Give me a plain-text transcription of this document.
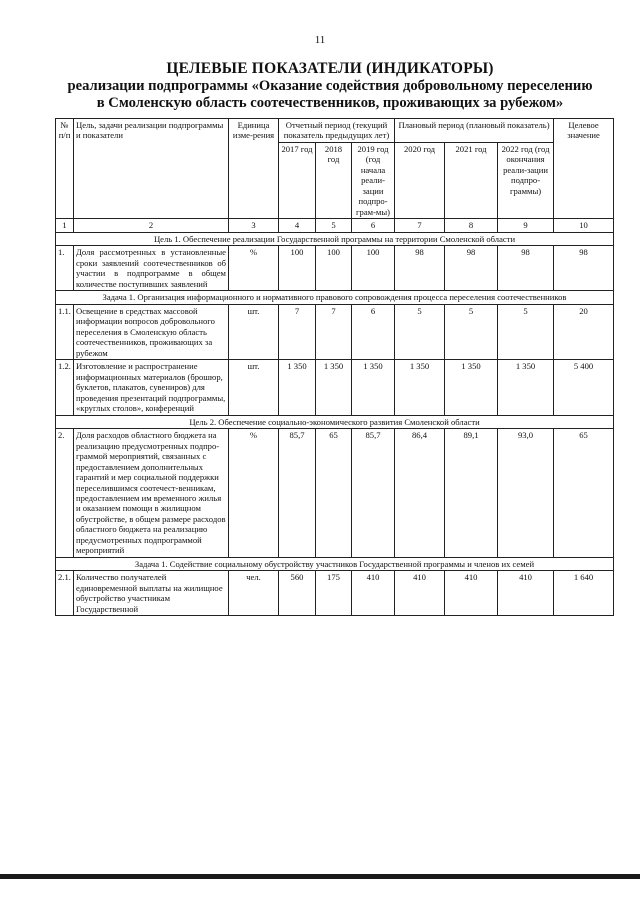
11
ЦЕЛЕВЫЕ ПОКАЗАТЕЛИ (ИНДИКАТОРЫ)
реализации подпрограммы «Оказание содействия добровольному переселению
в Смоленскую область соотечественников, проживающих за рубежом»
№ п/п	Цель, задачи реализации подпрограммы и показатели	Единица изме-рения	Отчетный период (текущий показатель предыдущих лет)			Плановый период (плановый показатель)			Целевое значение
			2017 год	2018 год	2019 год (год начала реали-зации подпро-грам-мы)	2020 год	2021 год	2022 год (год окончания реали-зации подпро-граммы)	
1	2	3	4	5	6	7	8	9	10
Цель 1. Обеспечение реализации Государственной программы на территории Смоленской области									
1.	Доля рассмотренных в установленные сроки заявлений соотечественников об участии в подпрограмме в общем количестве поступивших заявлений	%	100	100	100	98	98	98	98
Задача 1. Организация информационного и нормативного правового сопровождения процесса переселения соотечественников									
1.1.	Освещение в средствах массовой информации вопросов добровольного переселения в Смоленскую область соотечественников, проживающих за рубежом	шт.	7	7	6	5	5	5	20
1.2.	Изготовление и распространение информационных материалов (брошюр, буклетов, плакатов, сувениров) для проведения презентаций подпрограммы, «круглых столов», конференций	шт.	1 350	1 350	1 350	1 350	1 350	1 350	5 400
Цель 2. Обеспечение социально-экономического развития Смоленской области									
2.	Доля расходов областного бюджета на реализацию предусмотренных подпро-граммой мероприятий, связанных с предоставлением дополнительных гарантий и мер социальной поддержки переселившимся соотечест-венникам, предоставлением им временного жилья и оказанием помощи в жилищном обустройстве, в общем размере расходов областного бюджета на реализацию предусмотренных подпрограммой мероприятий	%	85,7	65	85,7	86,4	89,1	93,0	65
Задача 1. Содействие социальному обустройству участников Государственной программы и членов их семей									
2.1.	Количество получателей единовременной выплаты на жилищное обустройство участникам Государственной	чел.	560	175	410	410	410	410	1 640
